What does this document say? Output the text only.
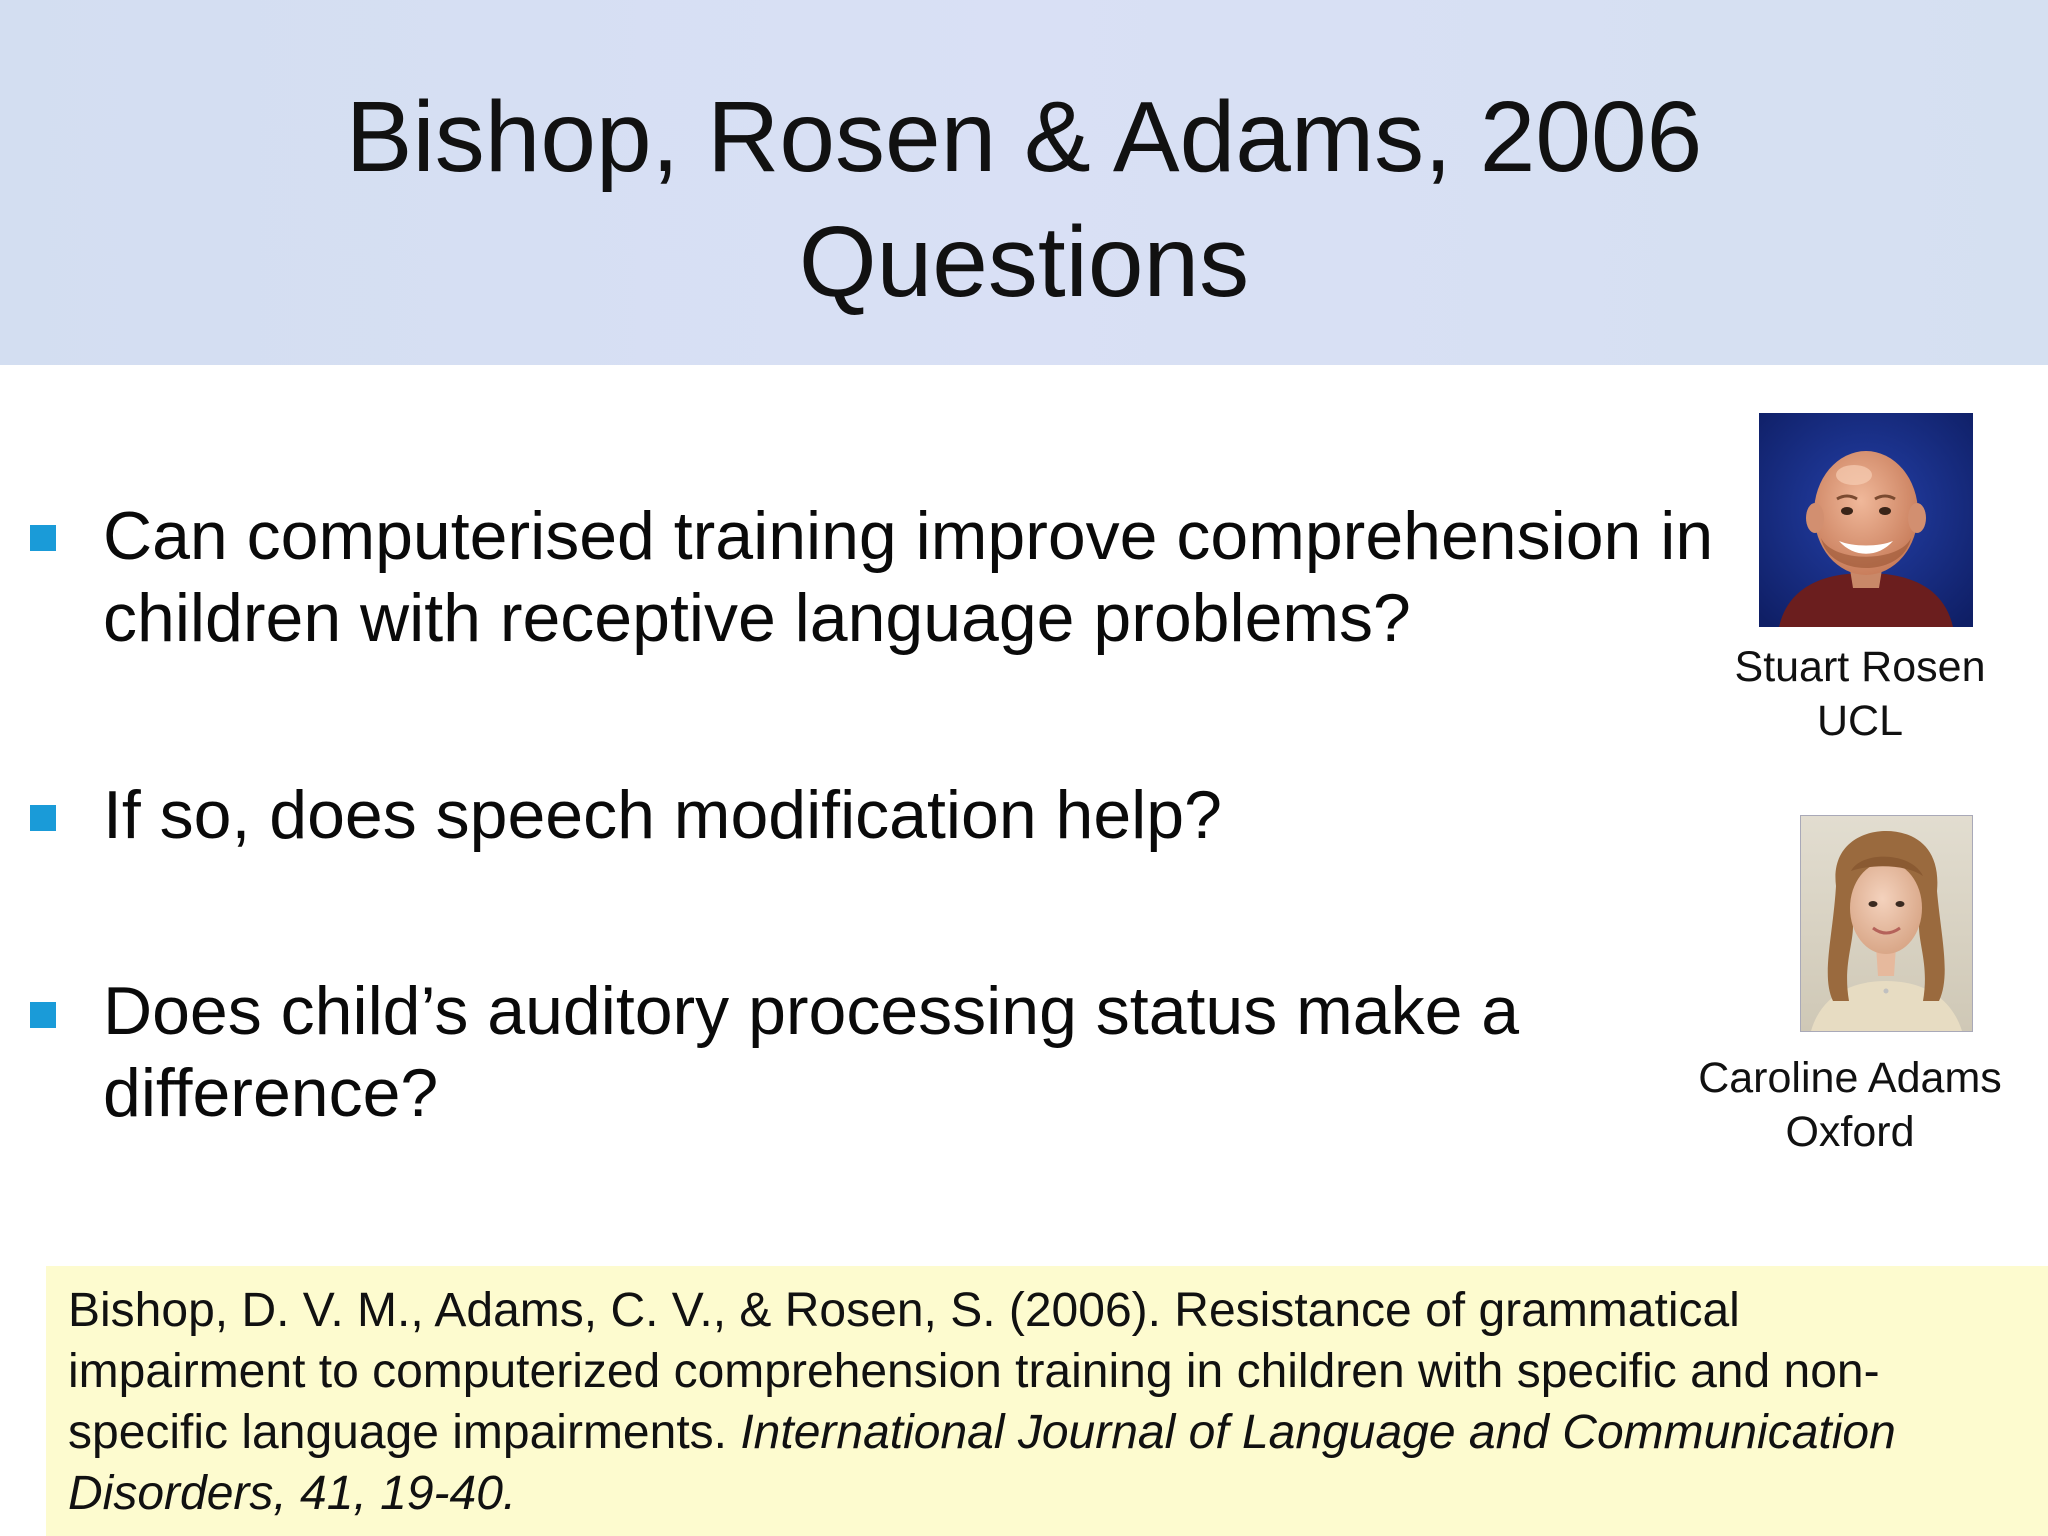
Bishop, Rosen & Adams, 2006
Questions
Can computerised training improve comprehension in
children with receptive language problems?
If so, does speech modification help?
Does child’s auditory processing status make a
difference?
Stuart Rosen
UCL
Caroline Adams
Oxford
Bishop, D. V. M., Adams, C. V., & Rosen, S. (2006). Resistance of grammatical
impairment to computerized comprehension training in children with specific and non-
specific language impairments. International Journal of Language and Communication
Disorders, 41, 19-40.
